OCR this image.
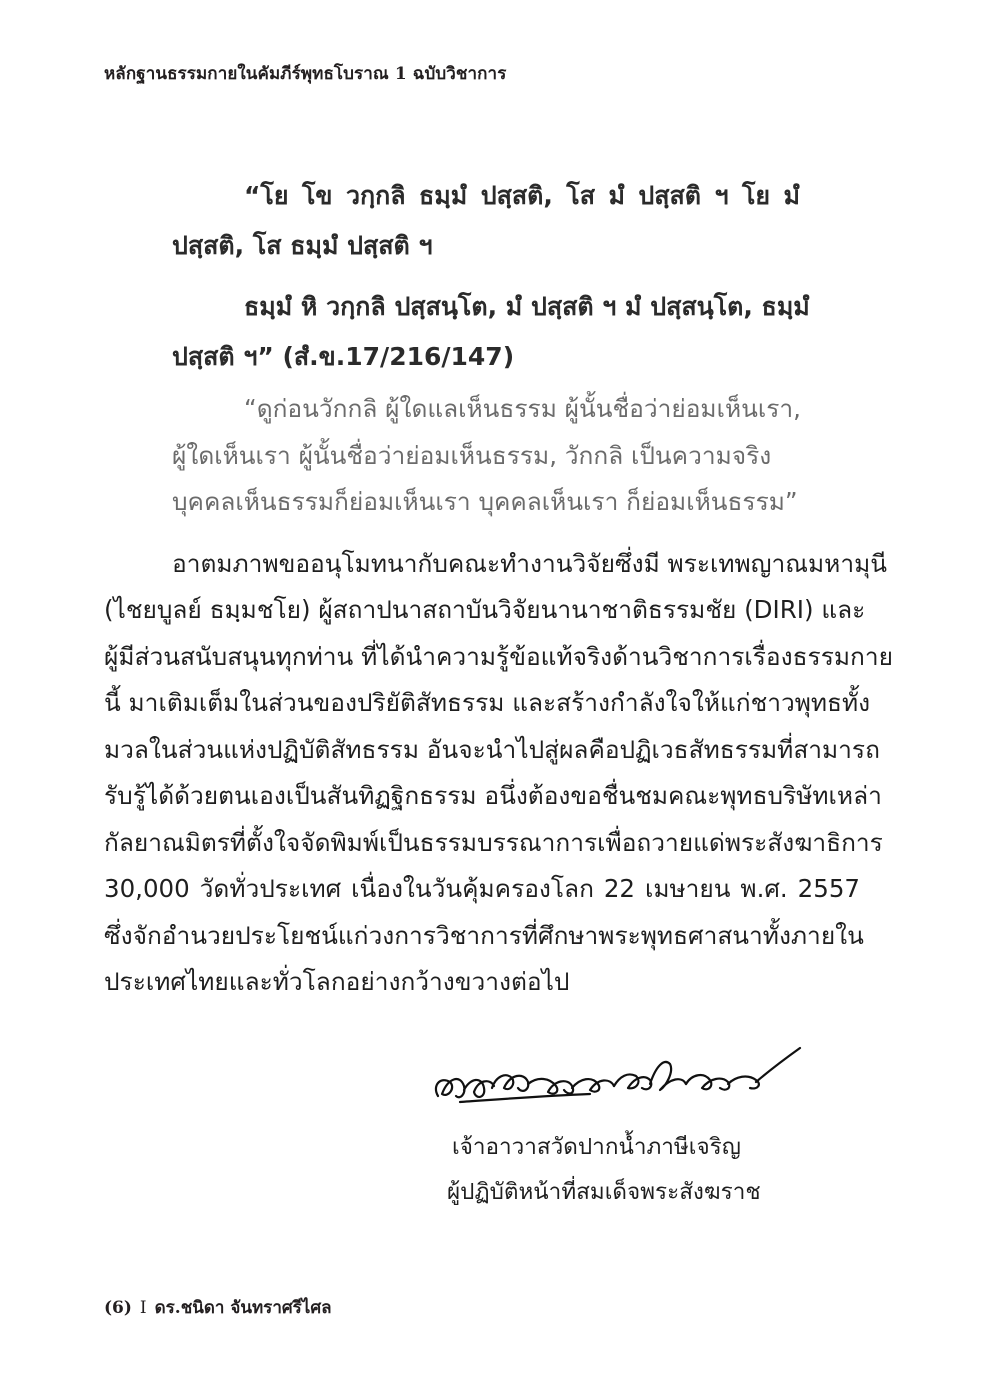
หลักฐานธรรมกายในคัมภีร์พุทธโบราณ 1 ฉบับวิชาการ
“โย โข วกฺกลิ ธมฺมํ ปสฺสติ, โส มํ ปสฺสติ ฯ โย มํ
ปสฺสติ, โส ธมฺมํ ปสฺสติ ฯ
ธมฺมํ หิ วกฺกลิ ปสฺสนฺโต, มํ ปสฺสติ ฯ มํ ปสฺสนฺโต, ธมฺมํ
ปสฺสติ ฯ” (สํ.ข.17/216/147)
“ดูก่อนวักกลิ ผู้ใดแลเห็นธรรม ผู้นั้นชื่อว่าย่อมเห็นเรา,
ผู้ใดเห็นเรา ผู้นั้นชื่อว่าย่อมเห็นธรรม, วักกลิ เป็นความจริง
บุคคลเห็นธรรมก็ย่อมเห็นเรา บุคคลเห็นเรา ก็ย่อมเห็นธรรม”
อาตมภาพขออนุโมทนากับคณะทำงานวิจัยซึ่งมี พระเทพญาณมหามุนี
(ไชยบูลย์ ธมฺมชโย) ผู้สถาปนาสถาบันวิจัยนานาชาติธรรมชัย (DIRI) และ
ผู้มีส่วนสนับสนุนทุกท่าน ที่ได้นำความรู้ข้อแท้จริงด้านวิชาการเรื่องธรรมกาย
นี้ มาเติมเต็มในส่วนของปริยัติสัทธรรม และสร้างกำลังใจให้แก่ชาวพุทธทั้ง
มวลในส่วนแห่งปฏิบัติสัทธรรม อันจะนำไปสู่ผลคือปฏิเวธสัทธรรมที่สามารถ
รับรู้ได้ด้วยตนเองเป็นสันทิฏฐิกธรรม อนึ่งต้องขอชื่นชมคณะพุทธบริษัทเหล่า
กัลยาณมิตรที่ตั้งใจจัดพิมพ์เป็นธรรมบรรณาการเพื่อถวายแด่พระสังฆาธิการ
30,000 วัดทั่วประเทศ เนื่องในวันคุ้มครองโลก 22 เมษายน พ.ศ. 2557
ซึ่งจักอำนวยประโยชน์แก่วงการวิชาการที่ศึกษาพระพุทธศาสนาทั้งภายใน
ประเทศไทยและทั่วโลกอย่างกว้างขวางต่อไป
เจ้าอาวาสวัดปากน้ำภาษีเจริญ
ผู้ปฏิบัติหน้าที่สมเด็จพระสังฆราช
(6) I ดร.ชนิดา จันทราศรีไศล
